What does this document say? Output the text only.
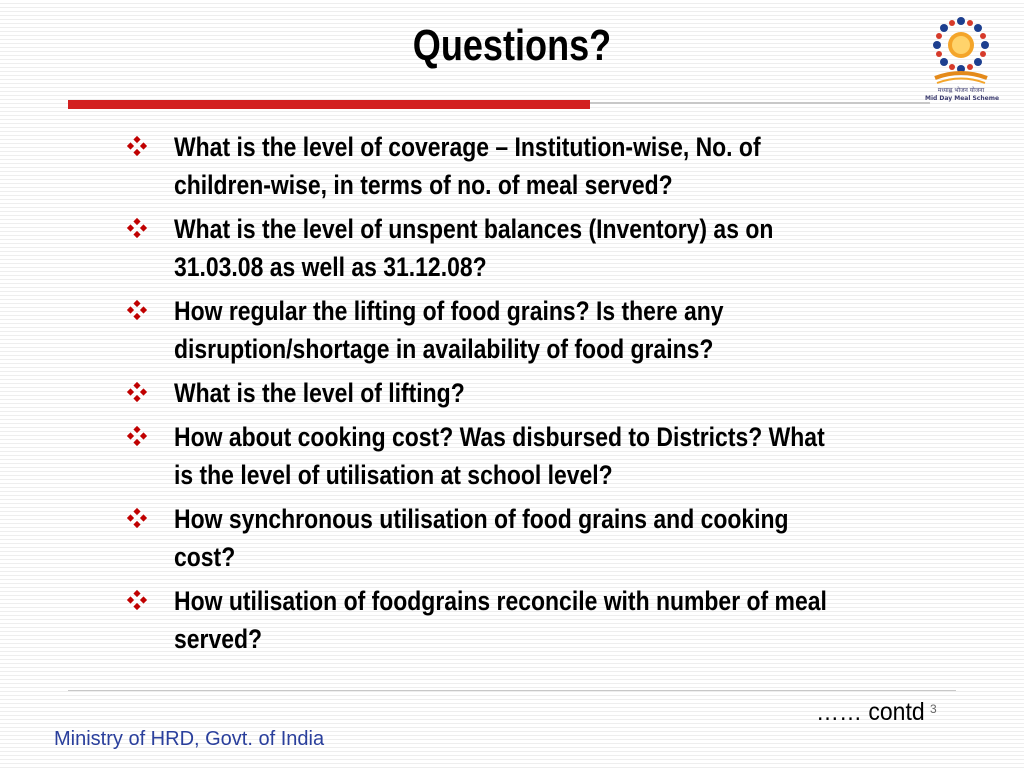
Questions?
मध्याह्न भोजन योजना
Mid Day Meal Scheme
What is the level of coverage – Institution-wise, No. of
children-wise, in terms of no. of meal served?
What is the level of unspent balances (Inventory) as on
31.03.08 as well as 31.12.08?
How regular the lifting of food grains? Is there any
disruption/shortage in availability of food grains?
What is the level of lifting?
How about cooking cost? Was disbursed to Districts? What
is the level of utilisation at school level?
How synchronous utilisation of food grains and cooking
cost?
How utilisation of foodgrains reconcile with number of meal
served?
…… contd 3
Ministry of HRD, Govt. of India
